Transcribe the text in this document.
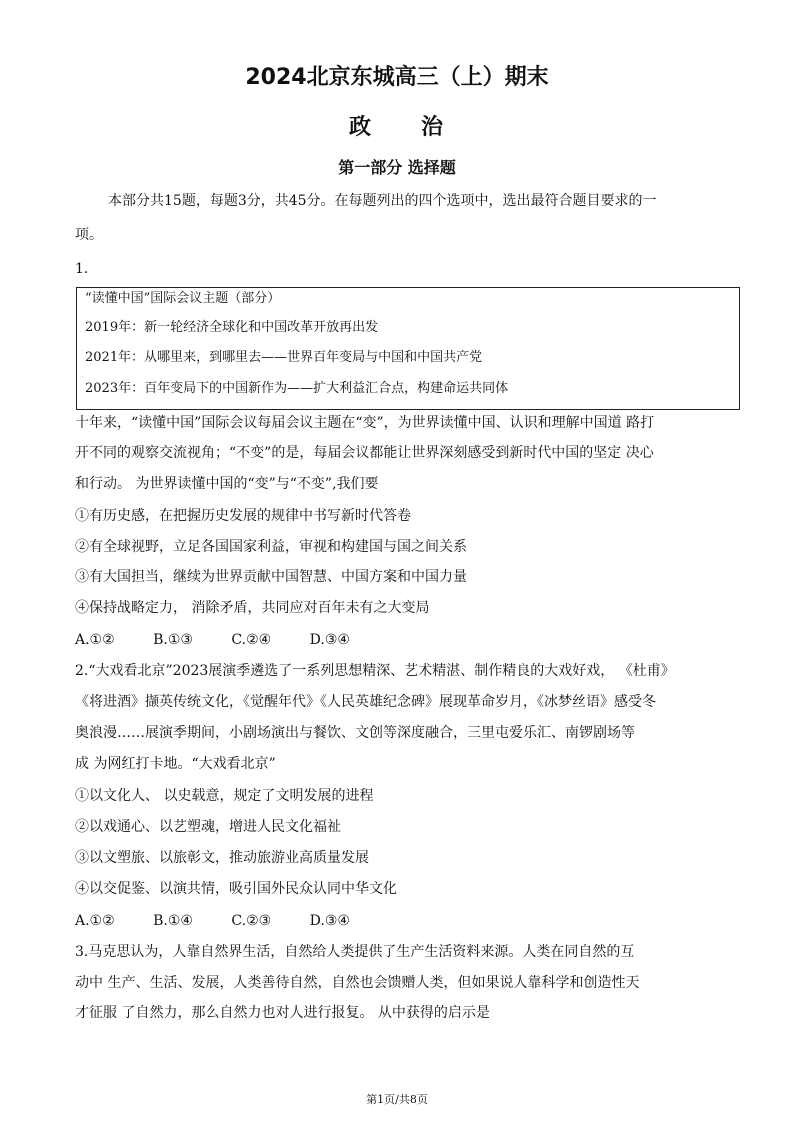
2024北京东城高三（上）期末
政　　治
第一部分 选择题
本部分共15题，每题3分，共45分。在每题列出的四个选项中，选出最符合题目要求的一
项。
1.
“读懂中国”国际会议主题（部分）
2019年：新一轮经济全球化和中国改革开放再出发
2021年：从哪里来，到哪里去——世界百年变局与中国和中国共产党
2023年：百年变局下的中国新作为——扩大利益汇合点，构建命运共同体
十年来，“读懂中国”国际会议每届会议主题在“变”，为世界读懂中国、认识和理解中国道 路打
开不同的观察交流视角；“不变”的是，每届会议都能让世界深刻感受到新时代中国的坚定 决心
和行动。 为世界读懂中国的“变”与“不变”,我们要
①有历史感，在把握历史发展的规律中书写新时代答卷
②有全球视野，立足各国国家利益，审视和构建国与国之间关系
③有大国担当，继续为世界贡献中国智慧、中国方案和中国力量
④保持战略定力， 消除矛盾，共同应对百年未有之大变局
A.①②	B.①③	C.②④	D.③④
2.“大戏看北京”2023展演季遴选了一系列思想精深、艺术精湛、制作精良的大戏好戏， 《杜甫》
《将进酒》撷英传统文化，《觉醒年代》《人民英雄纪念碑》展现革命岁月，《冰梦丝语》感受冬
奥浪漫……展演季期间，小剧场演出与餐饮、文创等深度融合，三里屯爱乐汇、南锣剧场等
成 为网红打卡地。“大戏看北京”
①以文化人、 以史载意，规定了文明发展的进程
②以戏通心、以艺塑魂，增进人民文化福祉
③以文塑旅、以旅彰文，推动旅游业高质量发展
④以交促鉴、以演共情，吸引国外民众认同中华文化
A.①②	B.①④	C.②③	D.③④
3.马克思认为，人靠自然界生活，自然给人类提供了生产生活资料来源。人类在同自然的互
动中 生产、生活、发展，人类善待自然，自然也会馈赠人类，但如果说人靠科学和创造性天
才征服 了自然力，那么自然力也对人进行报复。 从中获得的启示是
第1页/共8页
